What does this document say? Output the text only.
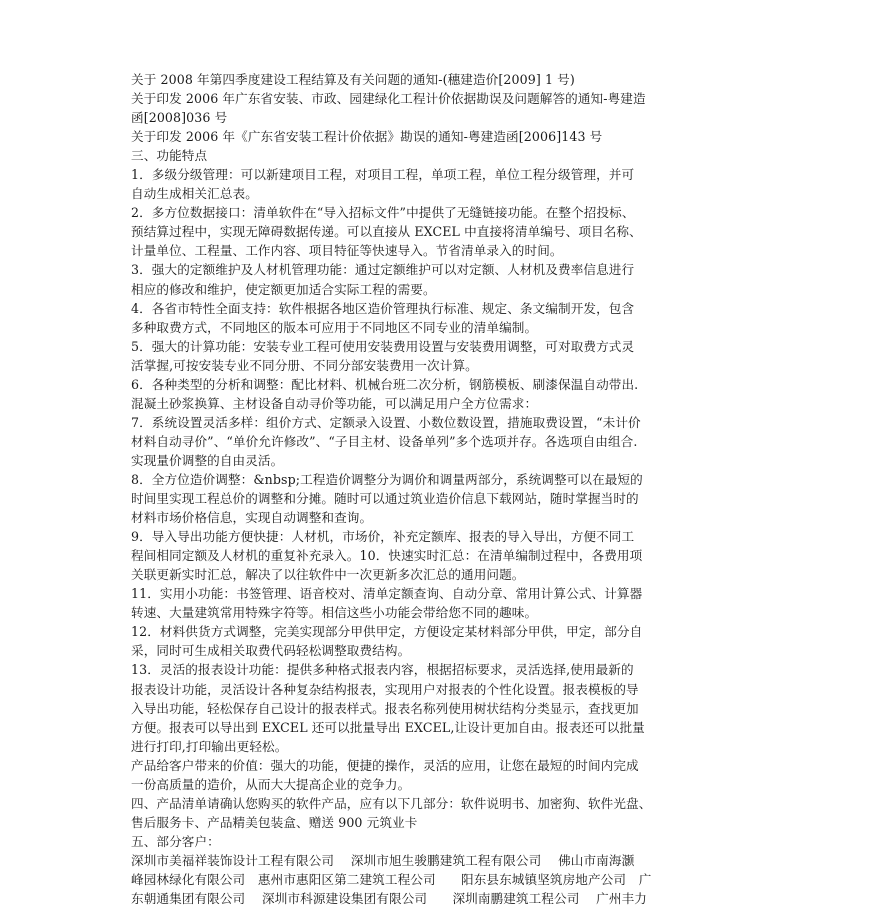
关于 2008 年第四季度建设工程结算及有关问题的通知-(穗建造价[2009] 1 号)
关于印发 2006 年广东省安装、市政、园建绿化工程计价依据勘误及问题解答的通知-粤建造
函[2008]036 号
关于印发 2006 年《广东省安装工程计价依据》勘误的通知-粤建造函[2006]143 号
三、功能特点
1．多级分级管理：可以新建项目工程，对项目工程，单项工程，单位工程分级管理，并可
自动生成相关汇总表。
2．多方位数据接口：清单软件在“导入招标文件”中提供了无缝链接功能。在整个招投标、
预结算过程中，实现无障碍数据传递。可以直接从 EXCEL 中直接将清单编号、项目名称、
计量单位、工程量、工作内容、项目特征等快速导入。节省清单录入的时间。
3．强大的定额维护及人材机管理功能：通过定额维护可以对定额、人材机及费率信息进行
相应的修改和维护，使定额更加适合实际工程的需要。
4．各省市特性全面支持：软件根据各地区造价管理执行标准、规定、条文编制开发，包含
多种取费方式，不同地区的版本可应用于不同地区不同专业的清单编制。
5．强大的计算功能：安装专业工程可使用安装费用设置与安装费用调整，可对取费方式灵
活掌握,可按安装专业不同分册、不同分部安装费用一次计算。
6．各种类型的分析和调整：配比材料、机械台班二次分析，钢筋模板、刷漆保温自动带出.
混凝土砂浆换算、主材设备自动寻价等功能，可以满足用户全方位需求：
7．系统设置灵活多样：组价方式、定额录入设置、小数位数设置，措施取费设置，“未计价
材料自动寻价”、“单价允许修改”、“子目主材、设备单列”多个选项并存。各选项自由组合.
实现量价调整的自由灵活。
8．全方位造价调整：&nbsp;工程造价调整分为调价和调量两部分，系统调整可以在最短的
时间里实现工程总价的调整和分摊。随时可以通过筑业造价信息下载网站，随时掌握当时的
材料市场价格信息，实现自动调整和查询。
9．导入导出功能方便快捷：人材机，市场价，补充定额库、报表的导入导出，方便不同工
程间相同定额及人材机的重复补充录入。10．快速实时汇总：在清单编制过程中，各费用项
关联更新实时汇总，解决了以往软件中一次更新多次汇总的通用问题。
11．实用小功能：书签管理、语音校对、清单定额查询、自动分章、常用计算公式、计算器
转速、大量建筑常用特殊字符等。相信这些小功能会带给您不同的趣味。
12．材料供货方式调整，完美实现部分甲供甲定，方便设定某材料部分甲供，甲定，部分自
采，同时可生成相关取费代码轻松调整取费结构。
13．灵活的报表设计功能：提供多种格式报表内容，根据招标要求，灵活选择,使用最新的
报表设计功能，灵活设计各种复杂结构报表，实现用户对报表的个性化设置。报表模板的导
入导出功能，轻松保存自己设计的报表样式。报表名称列使用树状结构分类显示，查找更加
方便。报表可以导出到 EXCEL 还可以批量导出 EXCEL,让设计更加自由。报表还可以批量
进行打印,打印输出更轻松。
产品给客户带来的价值：强大的功能，便捷的操作，灵活的应用，让您在最短的时间内完成
一份高质量的造价，从而大大提高企业的竞争力。
四、产品清单请确认您购买的软件产品，应有以下几部分：软件说明书、加密狗、软件光盘、
售后服务卡、产品精美包装盒、赠送 900 元筑业卡
五、部分客户：
深圳市美福祥装饰设计工程有限公司　 深圳市旭生骏鹏建筑工程有限公司　 佛山市南海灏
峰园林绿化有限公司　惠州市惠阳区第二建筑工程公司　　阳东县东城镇坚筑房地产公司　广
东朝通集团有限公司　 深圳市科源建设集团有限公司　　深圳南鹏建筑工程公司　 广州丰力
